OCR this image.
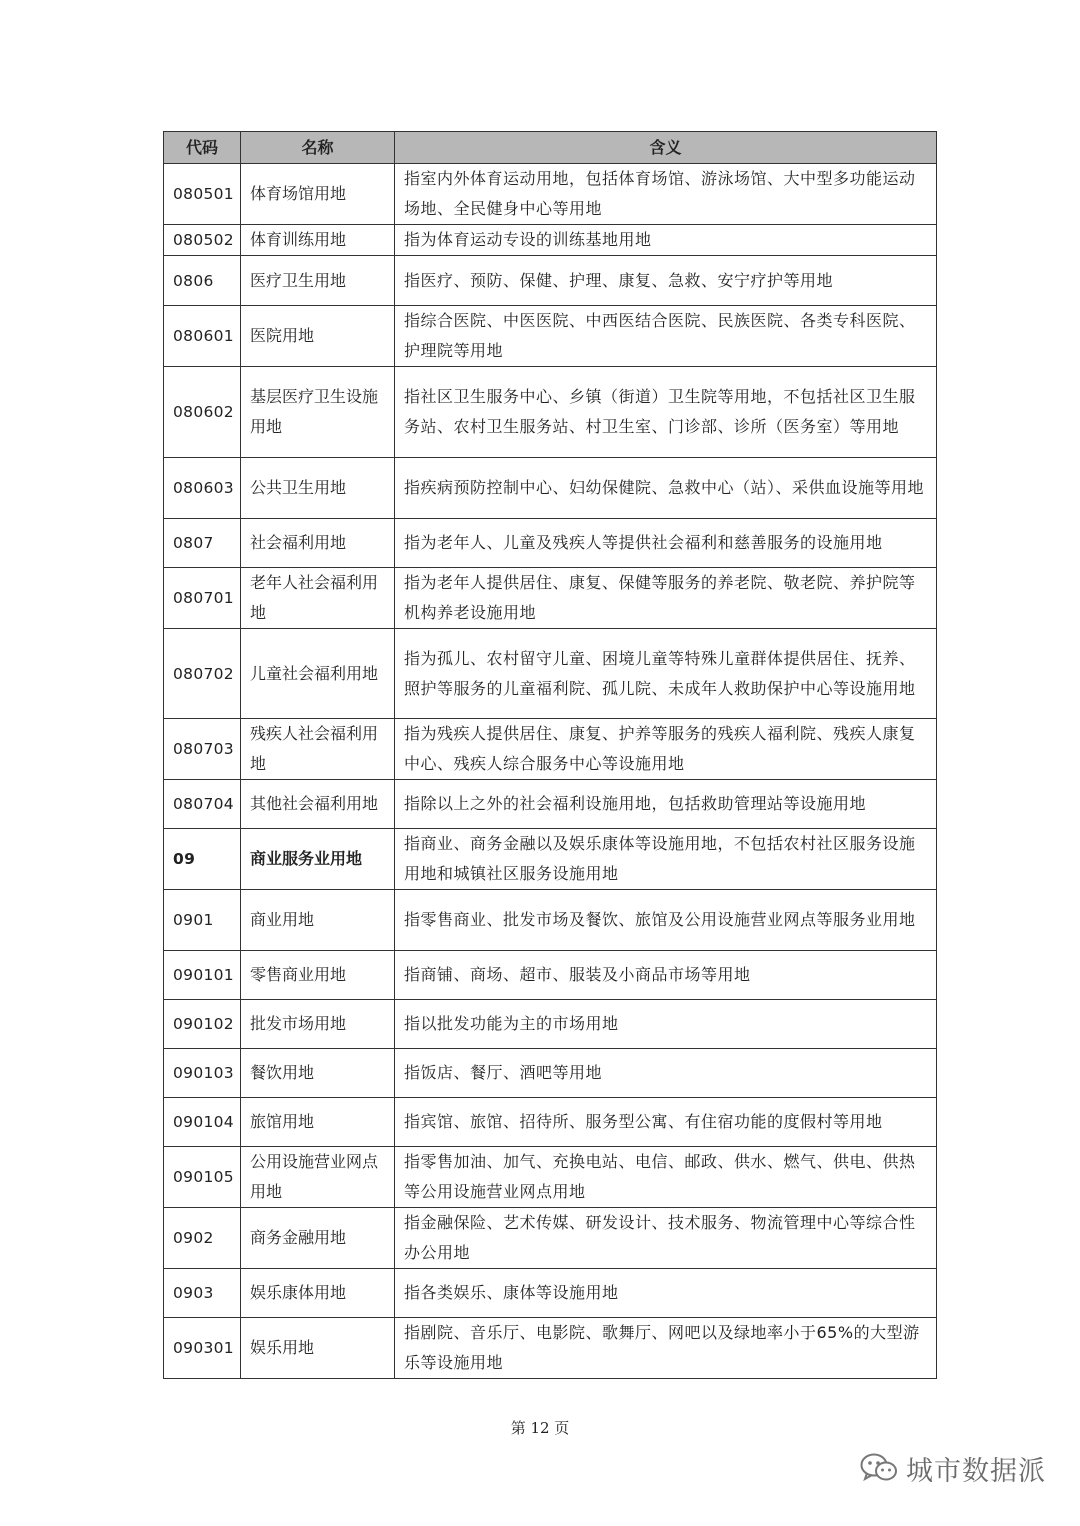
代码	名称	含义
080501	体育场馆用地	指室内外体育运动用地，包括体育场馆、游泳场馆、大中型多功能运动场地、全民健身中心等用地
080502	体育训练用地	指为体育运动专设的训练基地用地
0806	医疗卫生用地	指医疗、预防、保健、护理、康复、急救、安宁疗护等用地
080601	医院用地	指综合医院、中医医院、中西医结合医院、民族医院、各类专科医院、护理院等用地
080602	基层医疗卫生设施用地	指社区卫生服务中心、乡镇（街道）卫生院等用地，不包括社区卫生服务站、农村卫生服务站、村卫生室、门诊部、诊所（医务室）等用地
080603	公共卫生用地	指疾病预防控制中心、妇幼保健院、急救中心（站）、采供血设施等用地
0807	社会福利用地	指为老年人、儿童及残疾人等提供社会福利和慈善服务的设施用地
080701	老年人社会福利用地	指为老年人提供居住、康复、保健等服务的养老院、敬老院、养护院等机构养老设施用地
080702	儿童社会福利用地	指为孤儿、农村留守儿童、困境儿童等特殊儿童群体提供居住、抚养、照护等服务的儿童福利院、孤儿院、未成年人救助保护中心等设施用地
080703	残疾人社会福利用地	指为残疾人提供居住、康复、护养等服务的残疾人福利院、残疾人康复中心、残疾人综合服务中心等设施用地
080704	其他社会福利用地	指除以上之外的社会福利设施用地，包括救助管理站等设施用地
09	商业服务业用地	指商业、商务金融以及娱乐康体等设施用地，不包括农村社区服务设施用地和城镇社区服务设施用地
0901	商业用地	指零售商业、批发市场及餐饮、旅馆及公用设施营业网点等服务业用地
090101	零售商业用地	指商铺、商场、超市、服装及小商品市场等用地
090102	批发市场用地	指以批发功能为主的市场用地
090103	餐饮用地	指饭店、餐厅、酒吧等用地
090104	旅馆用地	指宾馆、旅馆、招待所、服务型公寓、有住宿功能的度假村等用地
090105	公用设施营业网点用地	指零售加油、加气、充换电站、电信、邮政、供水、燃气、供电、供热等公用设施营业网点用地
0902	商务金融用地	指金融保险、艺术传媒、研发设计、技术服务、物流管理中心等综合性办公用地
0903	娱乐康体用地	指各类娱乐、康体等设施用地
090301	娱乐用地	指剧院、音乐厅、电影院、歌舞厅、网吧以及绿地率小于65%的大型游乐等设施用地
第 12 页
城市数据派
